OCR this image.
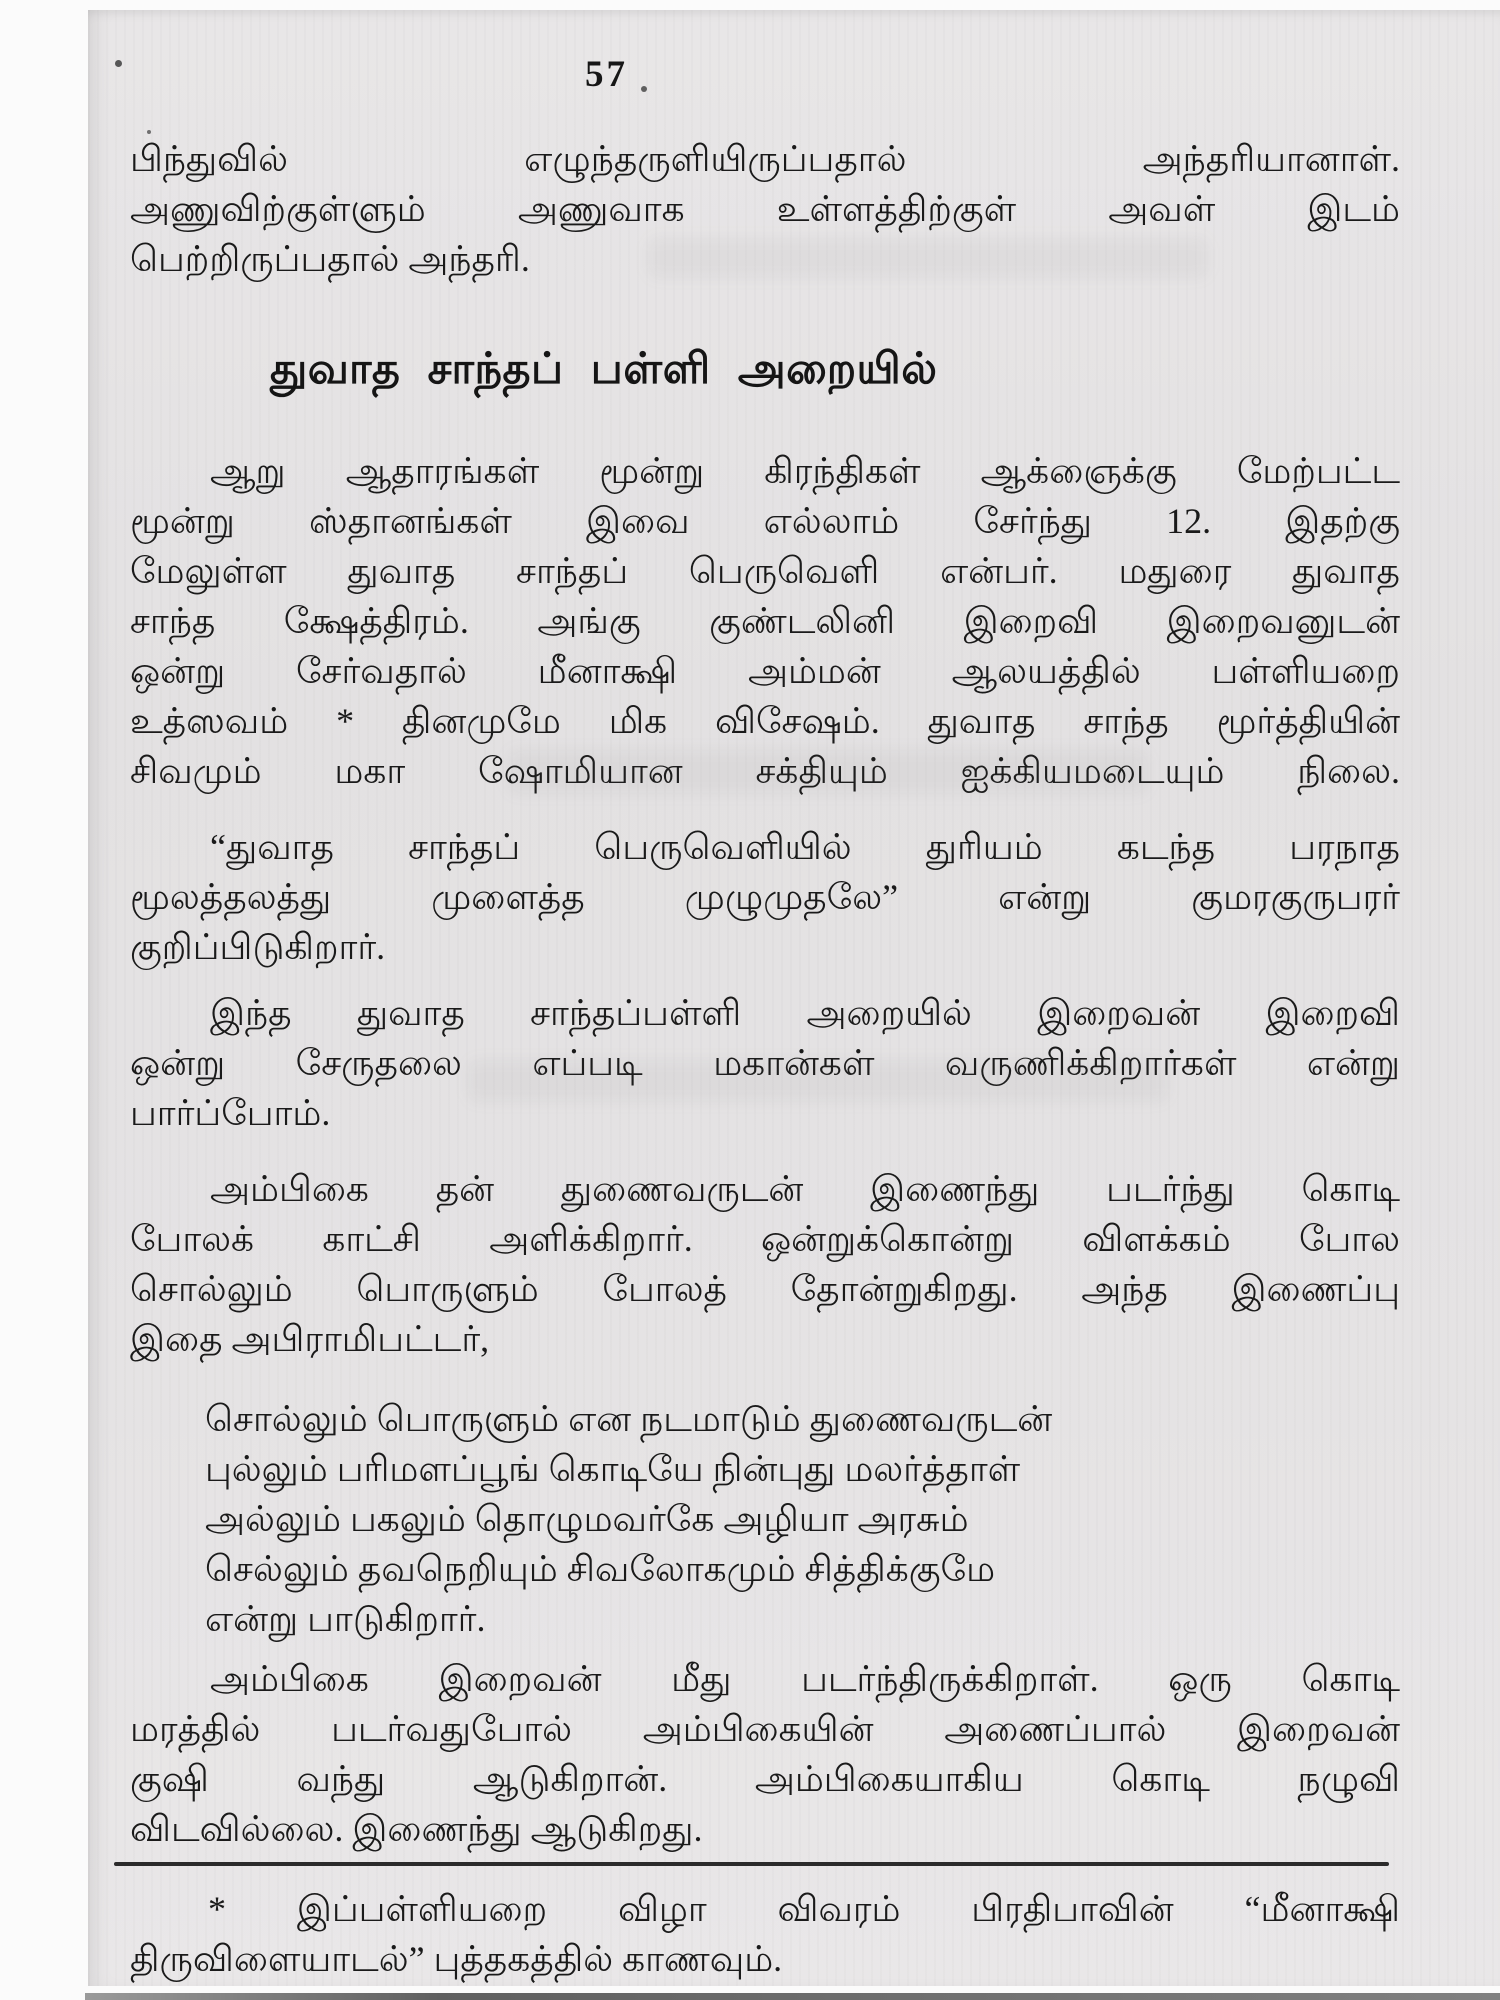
57
பிந்துவில் எழுந்தருளியிருப்பதால் அந்தரியானாள்.
அணுவிற்குள்ளும் அணுவாக உள்ளத்திற்குள் அவள் இடம்
பெற்றிருப்பதால் அந்தரி.
துவாத சாந்தப் பள்ளி அறையில்
ஆறு ஆதாரங்கள் மூன்று கிரந்திகள் ஆக்ஞைக்கு மேற்பட்ட
மூன்று ஸ்தானங்கள் இவை எல்லாம் சேர்ந்து 12. இதற்கு
மேலுள்ள துவாத சாந்தப் பெருவெளி என்பர். மதுரை துவாத
சாந்த க்ஷேத்திரம். அங்கு குண்டலினி இறைவி இறைவனுடன்
ஒன்று சேர்வதால் மீனாக்ஷி அம்மன் ஆலயத்தில் பள்ளியறை
உத்ஸவம் * தினமுமே மிக விசேஷம். துவாத சாந்த மூர்த்தியின்
சிவமும் மகா ஷோமியான சக்தியும் ஐக்கியமடையும் நிலை.
“துவாத சாந்தப் பெருவெளியில் துரியம் கடந்த பரநாத
மூலத்தலத்து முளைத்த முழுமுதலே” என்று குமரகுருபரர்
குறிப்பிடுகிறார்.
இந்த துவாத சாந்தப்பள்ளி அறையில் இறைவன் இறைவி
ஒன்று சேருதலை எப்படி மகான்கள் வருணிக்கிறார்கள் என்று
பார்ப்போம்.
அம்பிகை தன் துணைவருடன் இணைந்து படர்ந்து கொடி
போலக் காட்சி அளிக்கிறார். ஒன்றுக்கொன்று விளக்கம் போல
சொல்லும் பொருளும் போலத் தோன்றுகிறது. அந்த இணைப்பு
இதை அபிராமிபட்டர்,
சொல்லும் பொருளும் என நடமாடும் துணைவருடன்
புல்லும் பரிமளப்பூங் கொடியே நின்புது மலர்த்தாள்
அல்லும் பகலும் தொழுமவர்கே அழியா அரசும்
செல்லும் தவநெறியும் சிவலோகமும் சித்திக்குமே
என்று பாடுகிறார்.
அம்பிகை இறைவன் மீது படர்ந்திருக்கிறாள். ஒரு கொடி
மரத்தில் படர்வதுபோல் அம்பிகையின் அணைப்பால் இறைவன்
குஷி வந்து ஆடுகிறான். அம்பிகையாகிய கொடி நழுவி
விடவில்லை. இணைந்து ஆடுகிறது.
* இப்பள்ளியறை விழா விவரம் பிரதிபாவின் “மீனாக்ஷி
திருவிளையாடல்” புத்தகத்தில் காணவும்.
